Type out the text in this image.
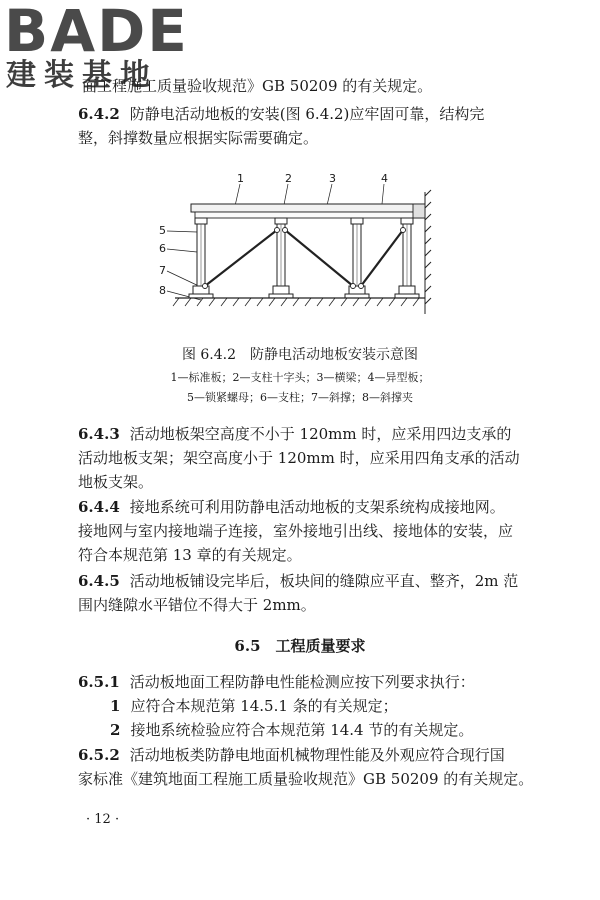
BADE
建装基地
面工程施工质量验收规范》GB 50209 的有关规定。
6.4.2 防静电活动地板的安装(图 6.4.2)应牢固可靠，结构完
整，斜撑数量应根据实际需要确定。
1	2	3	4
5
6
7
8
图 6.4.2　防静电活动地板安装示意图
1—标准板；2—支柱十字头；3—横梁；4—异型板；
5—锁紧螺母；6—支柱；7—斜撑；8—斜撑夹
6.4.3 活动地板架空高度不小于 120mm 时，应采用四边支承的
活动地板支架；架空高度小于 120mm 时，应采用四角支承的活动
地板支架。
6.4.4 接地系统可利用防静电活动地板的支架系统构成接地网。
接地网与室内接地端子连接，室外接地引出线、接地体的安装，应
符合本规范第 13 章的有关规定。
6.4.5 活动地板铺设完毕后，板块间的缝隙应平直、整齐，2m 范
围内缝隙水平错位不得大于 2mm。
6.5　 工程质量要求
6.5.1 活动板地面工程防静电性能检测应按下列要求执行：
1 应符合本规范第 14.5.1 条的有关规定；
2 接地系统检验应符合本规范第 14.4 节的有关规定。
6.5.2 活动地板类防静电地面机械物理性能及外观应符合现行国
家标准《建筑地面工程施工质量验收规范》GB 50209 的有关规定。
· 12 ·
